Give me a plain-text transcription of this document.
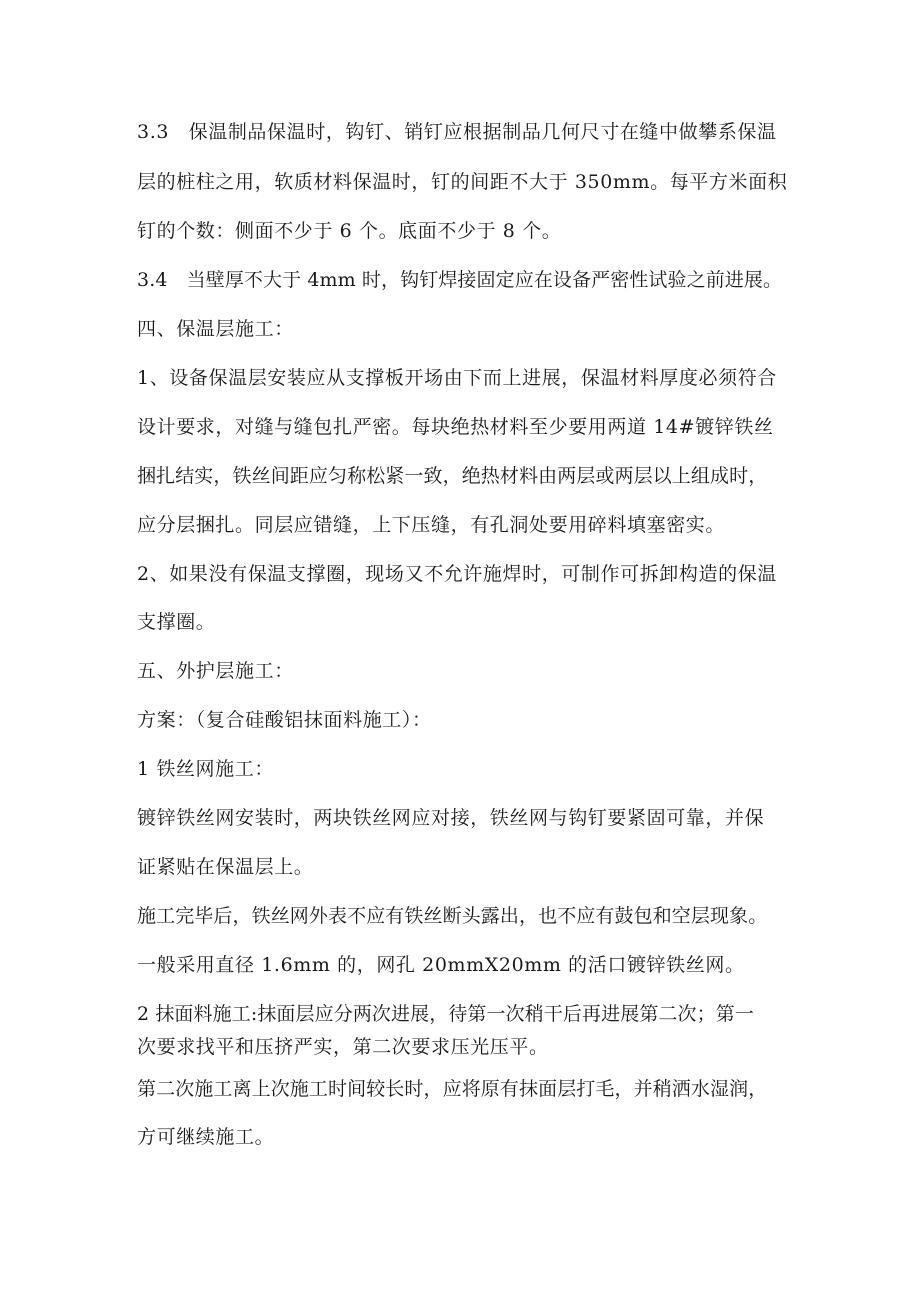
3.3　保温制品保温时，钩钉、销钉应根据制品几何尺寸在缝中做攀系保温
层的桩柱之用，软质材料保温时，钉的间距不大于 350mm。每平方米面积
钉的个数：侧面不少于 6 个。底面不少于 8 个。
3.4　当壁厚不大于 4mm 时，钩钉焊接固定应在设备严密性试验之前进展。
四、保温层施工：
1、设备保温层安装应从支撑板开场由下而上进展，保温材料厚度必须符合
设计要求，对缝与缝包扎严密。每块绝热材料至少要用两道 14#镀锌铁丝
捆扎结实，铁丝间距应匀称松紧一致，绝热材料由两层或两层以上组成时，
应分层捆扎。同层应错缝，上下压缝，有孔洞处要用碎料填塞密实。
2、如果没有保温支撑圈，现场又不允许施焊时，可制作可拆卸构造的保温
支撑圈。
五、外护层施工：
方案：（复合硅酸铝抹面料施工）：
1 铁丝网施工：
镀锌铁丝网安装时，两块铁丝网应对接，铁丝网与钩钉要紧固可靠，并保
证紧贴在保温层上。
施工完毕后，铁丝网外表不应有铁丝断头露出，也不应有鼓包和空层现象。
一般采用直径 1.6mm 的，网孔 20mmX20mm 的活口镀锌铁丝网。
2 抹面料施工:抹面层应分两次进展，待第一次稍干后再进展第二次；第一
次要求找平和压挤严实，第二次要求压光压平。
第二次施工离上次施工时间较长时，应将原有抹面层打毛，并稍洒水湿润，
方可继续施工。
